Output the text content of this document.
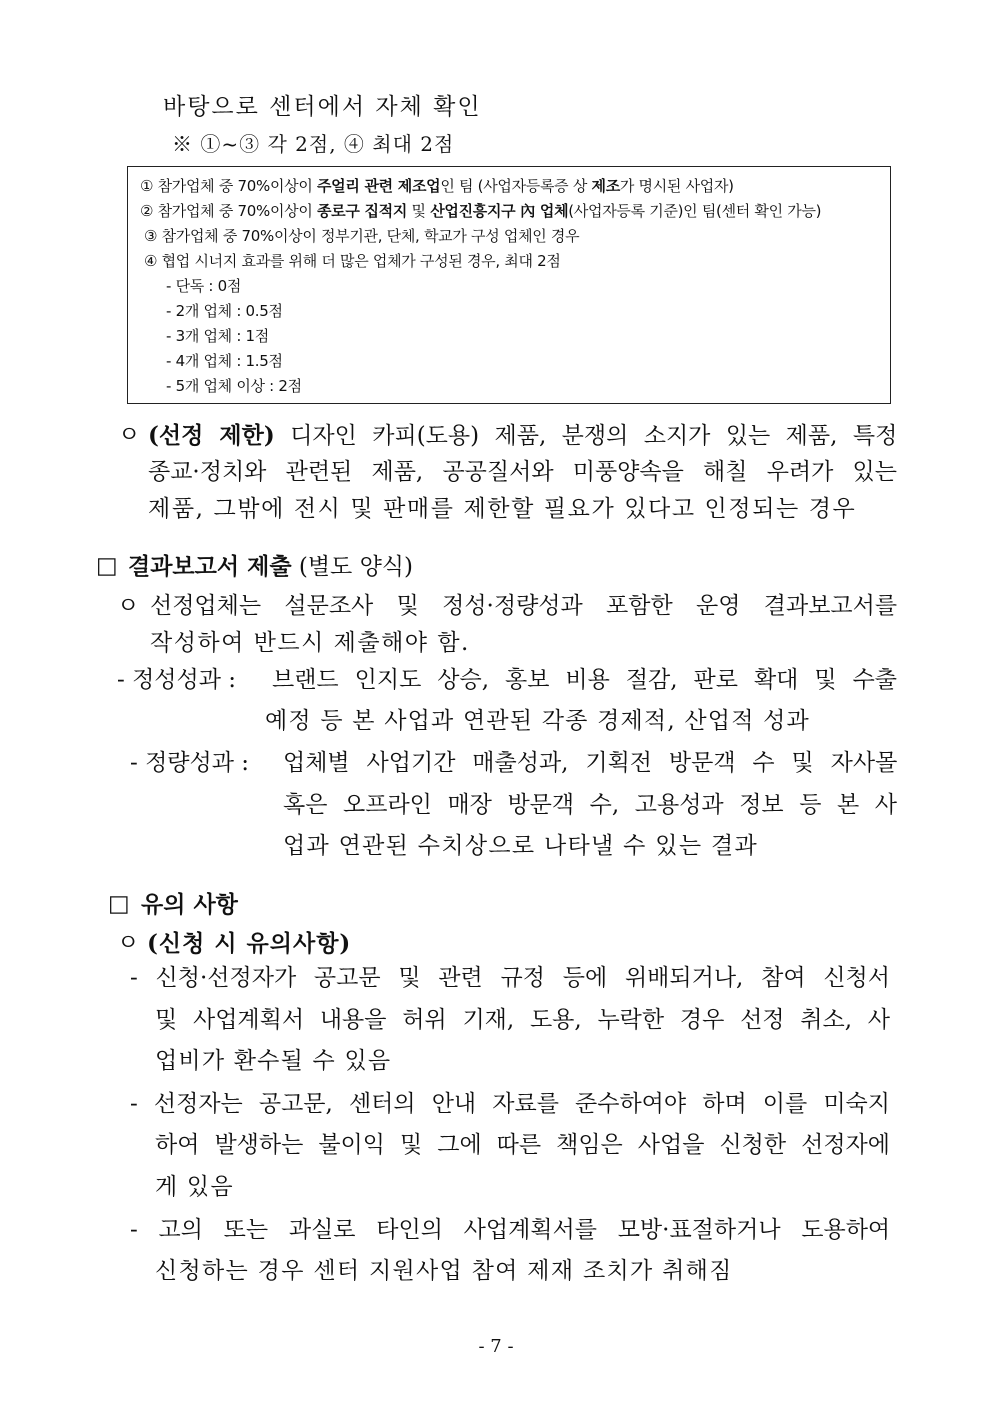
바탕으로 센터에서 자체 확인
※ ①~③ 각 2점, ④ 최대 2점
① 참가업체 중 70%이상이 주얼리 관련 제조업인 팀 (사업자등록증 상 제조가 명시된 사업자)
② 참가업체 중 70%이상이 종로구 집적지 및 산업진흥지구 內 업체(사업자등록 기준)인 팀(센터 확인 가능)
③ 참가업체 중 70%이상이 정부기관, 단체, 학교가 구성 업체인 경우
④ 협업 시너지 효과를 위해 더 많은 업체가 구성된 경우, 최대 2점
- 단독 : 0점
- 2개 업체 : 0.5점
- 3개 업체 : 1점
- 4개 업체 : 1.5점
- 5개 업체 이상 : 2점
ㅇ (선정 제한) 디자인 카피(도용) 제품, 분쟁의 소지가 있는 제품, 특정
종교·정치와 관련된 제품, 공공질서와 미풍양속을 해칠 우려가 있는
제품, 그밖에 전시 및 판매를 제한할 필요가 있다고 인정되는 경우
□ 결과보고서 제출 (별도 양식)
ㅇ 선정업체는 설문조사 및 정성·정량성과 포함한 운영 결과보고서를
작성하여 반드시 제출해야 함.
- 정성성과 : 브랜드 인지도 상승, 홍보 비용 절감, 판로 확대 및 수출
예정 등 본 사업과 연관된 각종 경제적, 산업적 성과
- 정량성과 : 업체별 사업기간 매출성과, 기획전 방문객 수 및 자사몰
혹은 오프라인 매장 방문객 수, 고용성과 정보 등 본 사
업과 연관된 수치상으로 나타낼 수 있는 결과
□ 유의 사항
ㅇ (신청 시 유의사항)
- 신청·선정자가 공고문 및 관련 규정 등에 위배되거나, 참여 신청서
및 사업계획서 내용을 허위 기재, 도용, 누락한 경우 선정 취소, 사
업비가 환수될 수 있음
- 선정자는 공고문, 센터의 안내 자료를 준수하여야 하며 이를 미숙지
하여 발생하는 불이익 및 그에 따른 책임은 사업을 신청한 선정자에
게 있음
- 고의 또는 과실로 타인의 사업계획서를 모방·표절하거나 도용하여
신청하는 경우 센터 지원사업 참여 제재 조치가 취해짐
- 7 -
